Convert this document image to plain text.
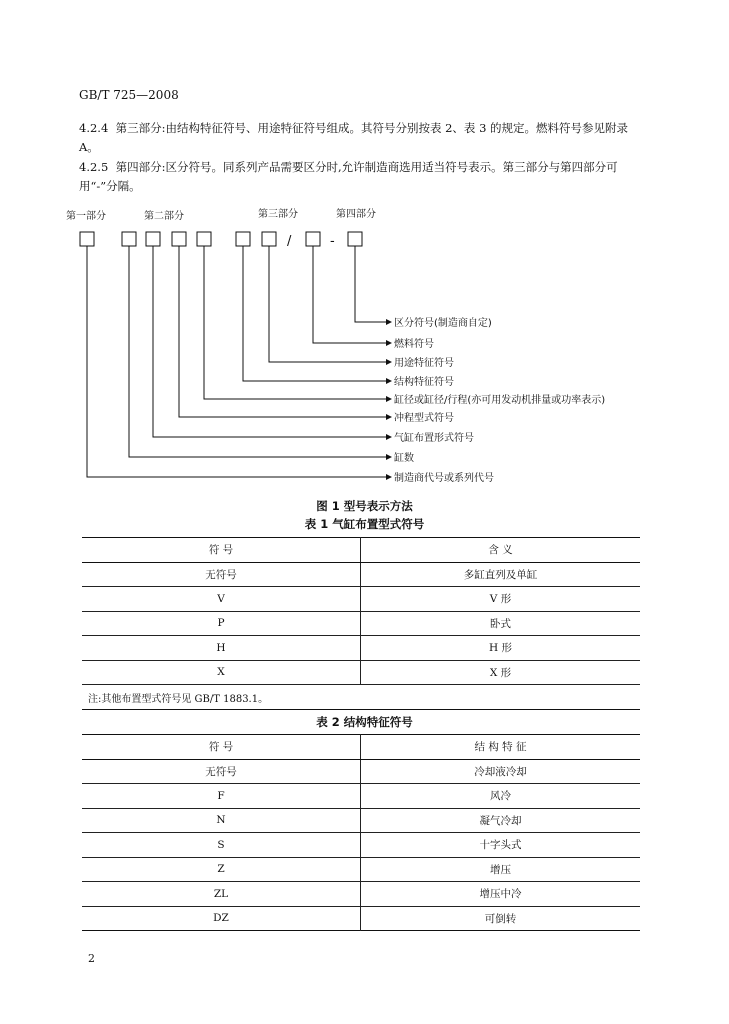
GB/T 725—2008
4.2.4 第三部分:由结构特征符号、用途特征符号组成。其符号分别按表 2、表 3 的规定。燃料符号参见附录 A。
4.2.5 第四部分:区分符号。同系列产品需要区分时,允许制造商选用适当符号表示。第三部分与第四部分可用“-”分隔。
第一部分	第二部分	第三部分	第四部分
/	-
区分符号(制造商自定)
燃料符号
用途特征符号
结构特征符号
缸径或缸径/行程(亦可用发动机排量或功率表示)
冲程型式符号
气缸布置形式符号
缸数
制造商代号或系列代号
图 1 型号表示方法
表 1 气缸布置型式符号
符 号	含 义
无符号	多缸直列及单缸
V	V 形
P	卧式
H	H 形
X	X 形
注:其他布置型式符号见 GB/T 1883.1。	
表 2 结构特征符号
符 号	结 构 特 征
无符号	冷却液冷却
F	风冷
N	凝气冷却
S	十字头式
Z	增压
ZL	增压中冷
DZ	可倒转
2
